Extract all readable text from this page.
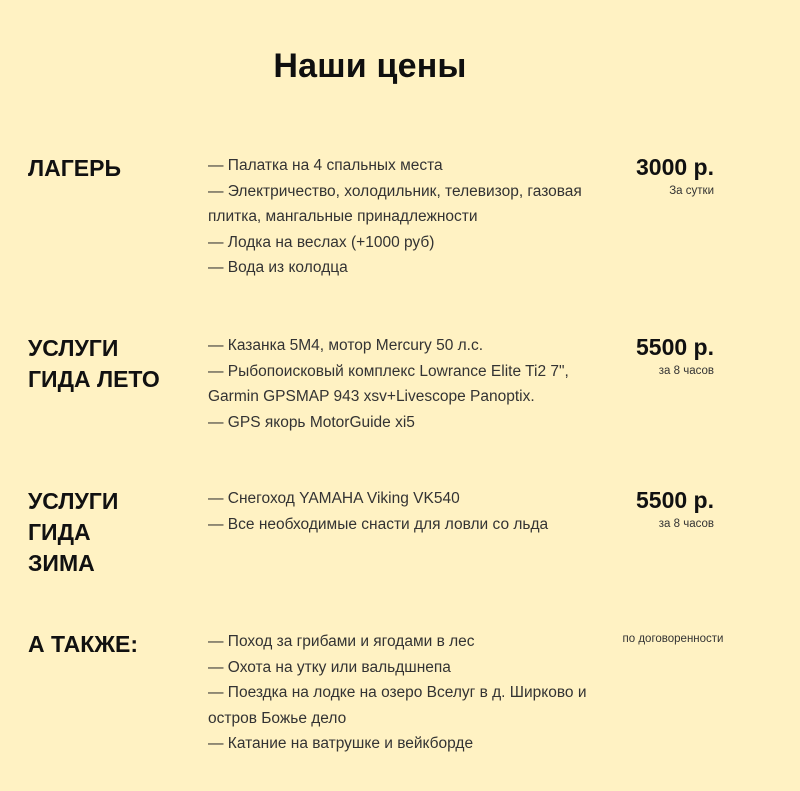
Наши цены
ЛАГЕРЬ	— Палатка на 4 спальных места
— Электричество, холодильник, телевизор, газовая плитка, мангальные принадлежности
— Лодка на веслах (+1000 руб)
— Вода из колодца
3000 р.
За сутки
УСЛУГИ
ГИДА ЛЕТО
— Казанка 5М4, мотор Mercury 50 л.с.
— Рыбопоисковый комплекс Lowrance Elite Ti2 7", Garmin GPSMAP 943 xsv+Livescope Panoptix.
— GPS якорь MotorGuide xi5
5500 р.
за 8 часов
УСЛУГИ
ГИДА
ЗИМА
— Снегоход YAMAHA Viking VK540
— Все необходимые снасти для ловли со льда
5500 р.
за 8 часов
А ТАКЖЕ:	— Поход за грибами и ягодами в лес
— Охота на утку или вальдшнепа
— Поездка на лодке на озеро Вселуг в д. Ширково и остров Божье дело
— Катание на ватрушке и вейкборде
по договоренности
